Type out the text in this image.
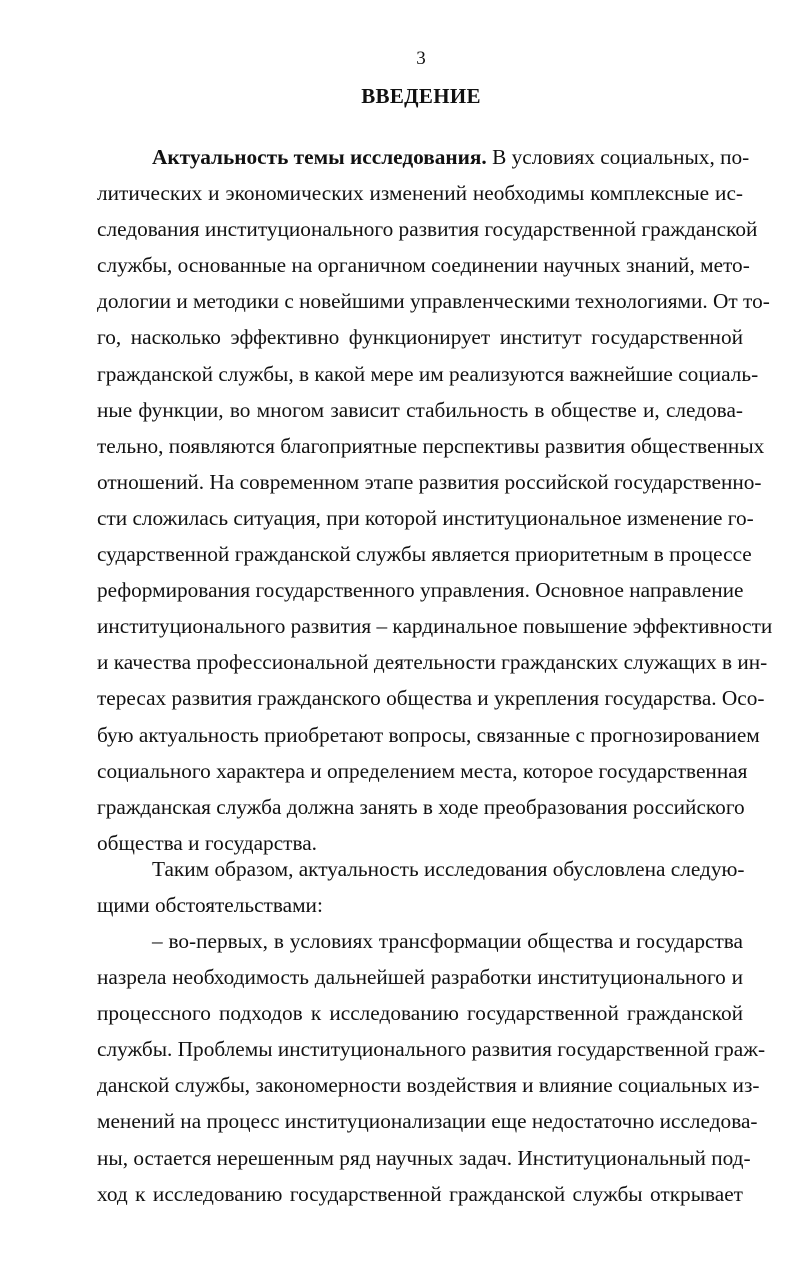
3
ВВЕДЕНИЕ
Актуальность темы исследования. В условиях социальных, по-
литических и экономических изменений необходимы комплексные ис-
следования институционального развития государственной гражданской
службы, основанные на органичном соединении научных знаний, мето-
дологии и методики с новейшими управленческими технологиями. От то-
го, насколько эффективно функционирует институт государственной
гражданской службы, в какой мере им реализуются важнейшие социаль-
ные функции, во многом зависит стабильность в обществе и, следова-
тельно, появляются благоприятные перспективы развития общественных
отношений. На современном этапе развития российской государственно-
сти сложилась ситуация, при которой институциональное изменение го-
сударственной гражданской службы является приоритетным в процессе
реформирования государственного управления. Основное направление
институционального развития – кардинальное повышение эффективности
и качества профессиональной деятельности гражданских служащих в ин-
тересах развития гражданского общества и укрепления государства. Осо-
бую актуальность приобретают вопросы, связанные с прогнозированием
социального характера и определением места, которое государственная
гражданская служба должна занять в ходе преобразования российского
общества и государства.
Таким образом, актуальность исследования обусловлена следую-
щими обстоятельствами:
– во-первых, в условиях трансформации общества и государства
назрела необходимость дальнейшей разработки институционального и
процессного подходов к исследованию государственной гражданской
службы. Проблемы институционального развития государственной граж-
данской службы, закономерности воздействия и влияние социальных из-
менений на процесс институционализации еще недостаточно исследова-
ны, остается нерешенным ряд научных задач. Институциональный под-
ход к исследованию государственной гражданской службы открывает
